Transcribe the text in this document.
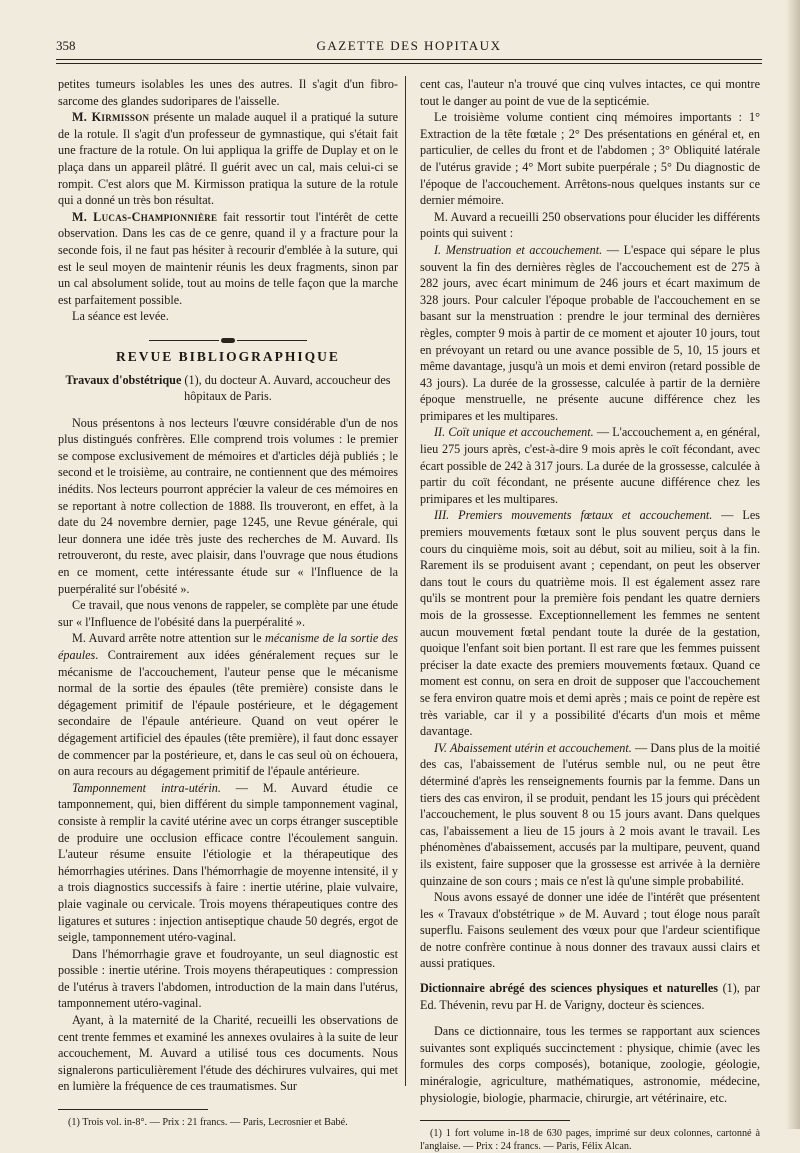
358	GAZETTE DES HOPITAUX

petites tumeurs isolables les unes des autres. Il s'agit d'un fibro-sarcome des glandes sudoripares de l'aisselle.

M. Kirmisson présente un malade auquel il a pratiqué la suture de la rotule. Il s'agit d'un professeur de gymnastique, qui s'était fait une fracture de la rotule. On lui appliqua la griffe de Duplay et on le plaça dans un appareil plâtré. Il guérit avec un cal, mais celui-ci se rompit. C'est alors que M. Kirmisson pratiqua la suture de la rotule qui a donné un très bon résultat.

M. Lucas-Championnière fait ressortir tout l'intérêt de cette observation. Dans les cas de ce genre, quand il y a fracture pour la seconde fois, il ne faut pas hésiter à recourir d'emblée à la suture, qui est le seul moyen de maintenir réunis les deux fragments, sinon par un cal absolument solide, tout au moins de telle façon que la marche est parfaitement possible.

La séance est levée.

REVUE BIBLIOGRAPHIQUE
Travaux d'obstétrique (1), du docteur A. Auvard, accoucheur des hôpitaux de Paris.

Nous présentons à nos lecteurs l'œuvre considérable d'un de nos plus distingués confrères. Elle comprend trois volumes : le premier se compose exclusivement de mémoires et d'articles déjà publiés ; le second et le troisième, au contraire, ne contiennent que des mémoires inédits. Nos lecteurs pourront apprécier la valeur de ces mémoires en se reportant à notre collection de 1888. Ils trouveront, en effet, à la date du 24 novembre dernier, page 1245, une Revue générale, qui leur donnera une idée très juste des recherches de M. Auvard. Ils retrouveront, du reste, avec plaisir, dans l'ouvrage que nous étudions en ce moment, cette intéressante étude sur « l'Influence de la puerpéralité sur l'obésité ».

Ce travail, que nous venons de rappeler, se complète par une étude sur « l'Influence de l'obésité dans la puerpéralité ».

M. Auvard arrête notre attention sur le mécanisme de la sortie des épaules. Contrairement aux idées généralement reçues sur le mécanisme de l'accouchement, l'auteur pense que le mécanisme normal de la sortie des épaules (tête première) consiste dans le dégagement primitif de l'épaule postérieure, et le dégagement secondaire de l'épaule antérieure. Quand on veut opérer le dégagement artificiel des épaules (tête première), il faut donc essayer de commencer par la postérieure, et, dans le cas seul où on échouera, on aura recours au dégagement primitif de l'épaule antérieure.

Tamponnement intra-utérin. — M. Auvard étudie ce tamponnement, qui, bien différent du simple tamponnement vaginal, consiste à remplir la cavité utérine avec un corps étranger susceptible de produire une occlusion efficace contre l'écoulement sanguin. L'auteur résume ensuite l'étiologie et la thérapeutique des hémorrhagies utérines. Dans l'hémorrhagie de moyenne intensité, il y a trois diagnostics successifs à faire : inertie utérine, plaie vulvaire, plaie vaginale ou cervicale. Trois moyens thérapeutiques contre des ligatures et sutures : injection antiseptique chaude 50 degrés, ergot de seigle, tamponnement utéro-vaginal.

Dans l'hémorrhagie grave et foudroyante, un seul diagnostic est possible : inertie utérine. Trois moyens thérapeutiques : compression de l'utérus à travers l'abdomen, introduction de la main dans l'utérus, tamponnement utéro-vaginal.

Ayant, à la maternité de la Charité, recueilli les observations de cent trente femmes et examiné les annexes ovulaires à la suite de leur accouchement, M. Auvard a utilisé tous ces documents. Nous signalerons particulièrement l'étude des déchirures vulvaires, qui met en lumière la fréquence de ces traumatismes. Sur

(1) Trois vol. in-8°. — Prix : 21 francs. — Paris, Lecrosnier et Babé.

cent cas, l'auteur n'a trouvé que cinq vulves intactes, ce qui montre tout le danger au point de vue de la septicémie.

Le troisième volume contient cinq mémoires importants : 1° Extraction de la tête fœtale ; 2° Des présentations en général et, en particulier, de celles du front et de l'abdomen ; 3° Obliquité latérale de l'utérus gravide ; 4° Mort subite puerpérale ; 5° Du diagnostic de l'époque de l'accouchement. Arrêtons-nous quelques instants sur ce dernier mémoire.

M. Auvard a recueilli 250 observations pour élucider les différents points qui suivent :

I. Menstruation et accouchement. — L'espace qui sépare le plus souvent la fin des dernières règles de l'accouchement est de 275 à 282 jours, avec écart minimum de 246 jours et écart maximum de 328 jours. Pour calculer l'époque probable de l'accouchement en se basant sur la menstruation : prendre le jour terminal des dernières règles, compter 9 mois à partir de ce moment et ajouter 10 jours, tout en prévoyant un retard ou une avance possible de 5, 10, 15 jours et même davantage, jusqu'à un mois et demi environ (retard possible de 43 jours). La durée de la grossesse, calculée à partir de la dernière époque menstruelle, ne présente aucune différence chez les primipares et les multipares.

II. Coït unique et accouchement. — L'accouchement a, en général, lieu 275 jours après, c'est-à-dire 9 mois après le coït fécondant, avec écart possible de 242 à 317 jours. La durée de la grossesse, calculée à partir du coït fécondant, ne présente aucune différence chez les primipares et les multipares.

III. Premiers mouvements fœtaux et accouchement. — Les premiers mouvements fœtaux sont le plus souvent perçus dans le cours du cinquième mois, soit au début, soit au milieu, soit à la fin. Rarement ils se produisent avant ; cependant, on peut les observer dans tout le cours du quatrième mois. Il est également assez rare qu'ils se montrent pour la première fois pendant les quatre derniers mois de la grossesse. Exceptionnellement les femmes ne sentent aucun mouvement fœtal pendant toute la durée de la gestation, quoique l'enfant soit bien portant. Il est rare que les femmes puissent préciser la date exacte des premiers mouvements fœtaux. Quand ce moment est connu, on sera en droit de supposer que l'accouchement se fera environ quatre mois et demi après ; mais ce point de repère est très variable, car il y a possibilité d'écarts d'un mois et même davantage.

IV. Abaissement utérin et accouchement. — Dans plus de la moitié des cas, l'abaissement de l'utérus semble nul, ou ne peut être déterminé d'après les renseignements fournis par la femme. Dans un tiers des cas environ, il se produit, pendant les 15 jours qui précèdent l'accouchement, le plus souvent 8 ou 15 jours avant. Dans quelques cas, l'abaissement a lieu de 15 jours à 2 mois avant le travail. Les phénomènes d'abaissement, accusés par la multipare, peuvent, quand ils existent, faire supposer que la grossesse est arrivée à la dernière quinzaine de son cours ; mais ce n'est là qu'une simple probabilité.

Nous avons essayé de donner une idée de l'intérêt que présentent les « Travaux d'obstétrique » de M. Auvard ; tout éloge nous paraît superflu. Faisons seulement des vœux pour que l'ardeur scientifique de notre confrère continue à nous donner des travaux aussi clairs et aussi pratiques.

Dictionnaire abrégé des sciences physiques et naturelles (1), par Ed. Thévenin, revu par H. de Varigny, docteur ès sciences.

Dans ce dictionnaire, tous les termes se rapportant aux sciences suivantes sont expliqués succinctement : physique, chimie (avec les formules des corps composés), botanique, zoologie, géologie, minéralogie, agriculture, mathématiques, astronomie, médecine, physiologie, biologie, pharmacie, chirurgie, art vétérinaire, etc.

(1) 1 fort volume in-18 de 630 pages, imprimé sur deux colonnes, cartonné à l'anglaise. — Prix : 24 francs. — Paris, Félix Alcan.
